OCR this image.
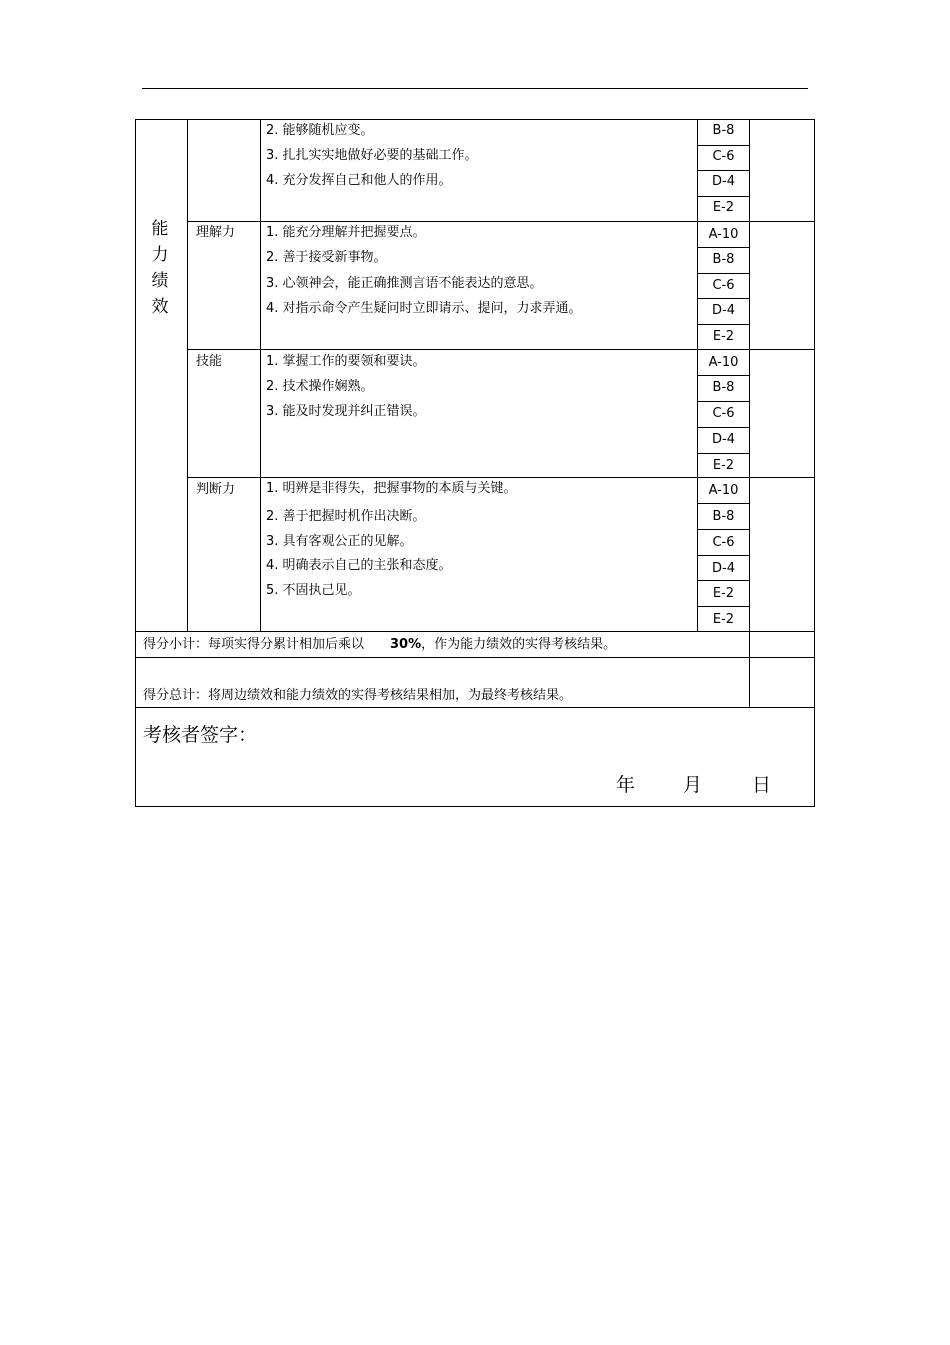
能
力
绩
效
理解力
技能
判断力
2. 能够随机应变。
3. 扎扎实实地做好必要的基础工作。
4. 充分发挥自己和他人的作用。
1. 能充分理解并把握要点。
2. 善于接受新事物。
3. 心领神会，能正确推测言语不能表达的意思。
4. 对指示命令产生疑问时立即请示、提问，力求弄通。
1. 掌握工作的要领和要诀。
2. 技术操作娴熟。
3. 能及时发现并纠正错误。
1. 明辨是非得失，把握事物的本质与关键。
2. 善于把握时机作出决断。
3. 具有客观公正的见解。
4. 明确表示自己的主张和态度。
5. 不固执己见。
B-8
C-6
D-4
E-2
A-10
B-8
C-6
D-4
E-2
A-10
B-8
C-6
D-4
E-2
A-10
B-8
C-6
D-4
E-2
E-2
得分小计：每项实得分累计相加后乘以 30%，作为能力绩效的实得考核结果。
得分总计：将周边绩效和能力绩效的实得考核结果相加，为最终考核结果。
考核者签字：
年	月	日
